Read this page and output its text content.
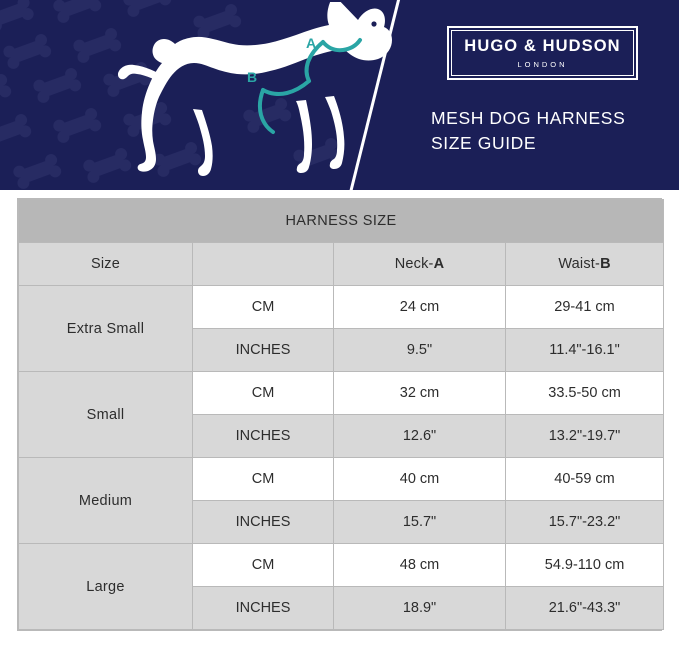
A
B
HUGO & HUDSON
LONDON
MESH DOG HARNESS
SIZE GUIDE
HARNESS SIZE			
Size		Neck-A	Waist-B
Extra Small	CM	24 cm	29-41 cm
	INCHES	9.5"	11.4"-16.1"
Small	CM	32 cm	33.5-50 cm
	INCHES	12.6"	13.2"-19.7"
Medium	CM	40 cm	40-59 cm
	INCHES	15.7"	15.7"-23.2"
Large	CM	48 cm	54.9-110 cm
	INCHES	18.9"	21.6"-43.3"
